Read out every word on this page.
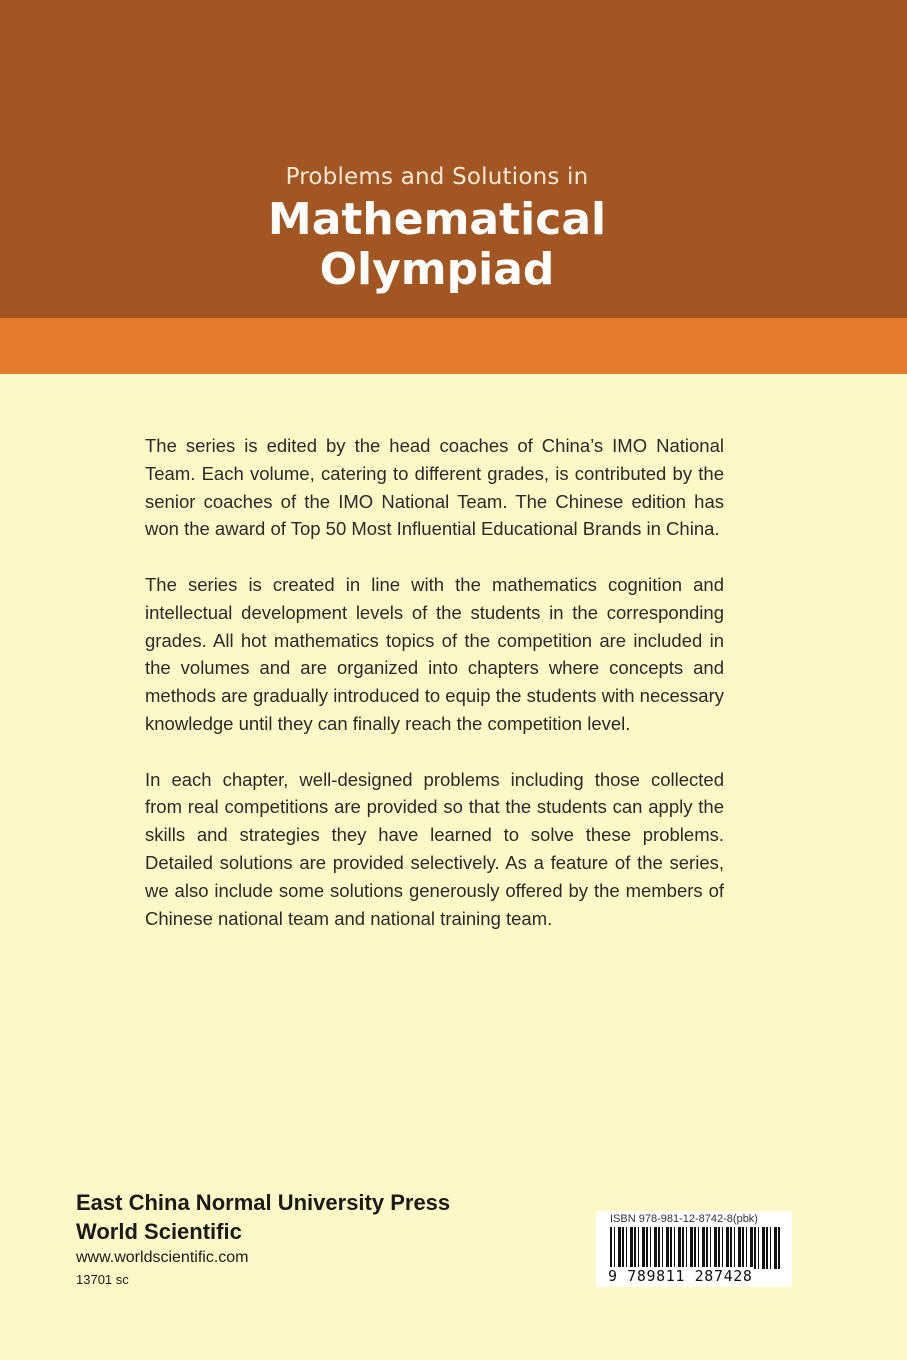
Problems and Solutions in
Mathematical
Olympiad

The series is edited by the head coaches of China’s IMO National Team. Each volume, catering to different grades, is contributed by the senior coaches of the IMO National Team. The Chinese edition has won the award of Top 50 Most Influential Educational Brands in China.

The series is created in line with the mathematics cognition and intellectual development levels of the students in the corresponding grades. All hot mathematics topics of the competition are included in the volumes and are organized into chapters where concepts and methods are gradually introduced to equip the students with necessary knowledge until they can finally reach the competition level.

In each chapter, well-designed problems including those collected from real competitions are provided so that the students can apply the skills and strategies they have learned to solve these problems. Detailed solutions are provided selectively. As a feature of the series, we also include some solutions generously offered by the members of Chinese national team and national training team.

East China Normal University Press
World Scientific
www.worldscientific.com
13701 sc
ISBN 978-981-12-8742-8(pbk)
9 789811 287428
